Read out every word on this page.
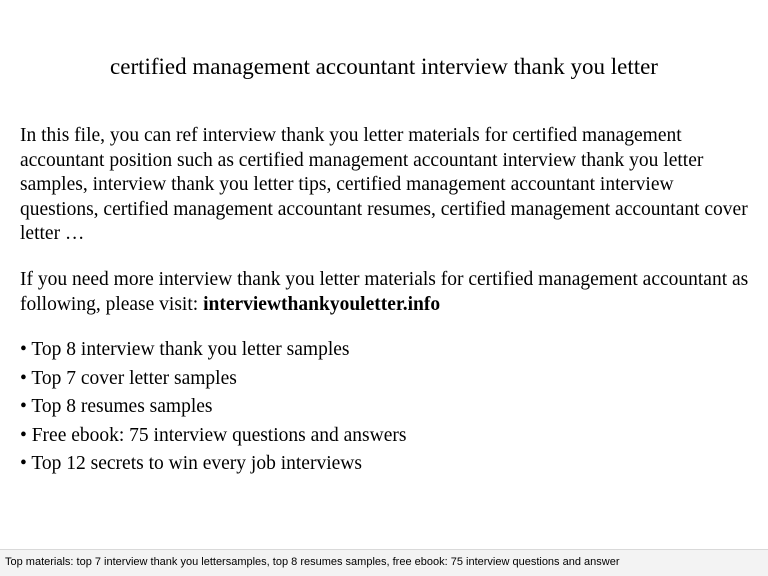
certified management accountant interview thank you letter

In this file, you can ref interview thank you letter materials for certified management accountant position such as certified management accountant interview thank you letter samples, interview thank you letter tips, certified management accountant interview questions, certified management accountant resumes, certified management accountant cover letter …

If you need more interview thank you letter materials for certified management accountant as following, please visit: interviewthankyouletter.info

• Top 8 interview thank you letter samples
• Top 7 cover letter samples
• Top 8 resumes samples
• Free ebook: 75 interview questions and answers
• Top 12 secrets to win every job interviews
Top materials: top 7 interview thank you lettersamples, top 8 resumes samples, free ebook: 75 interview questions and answer
